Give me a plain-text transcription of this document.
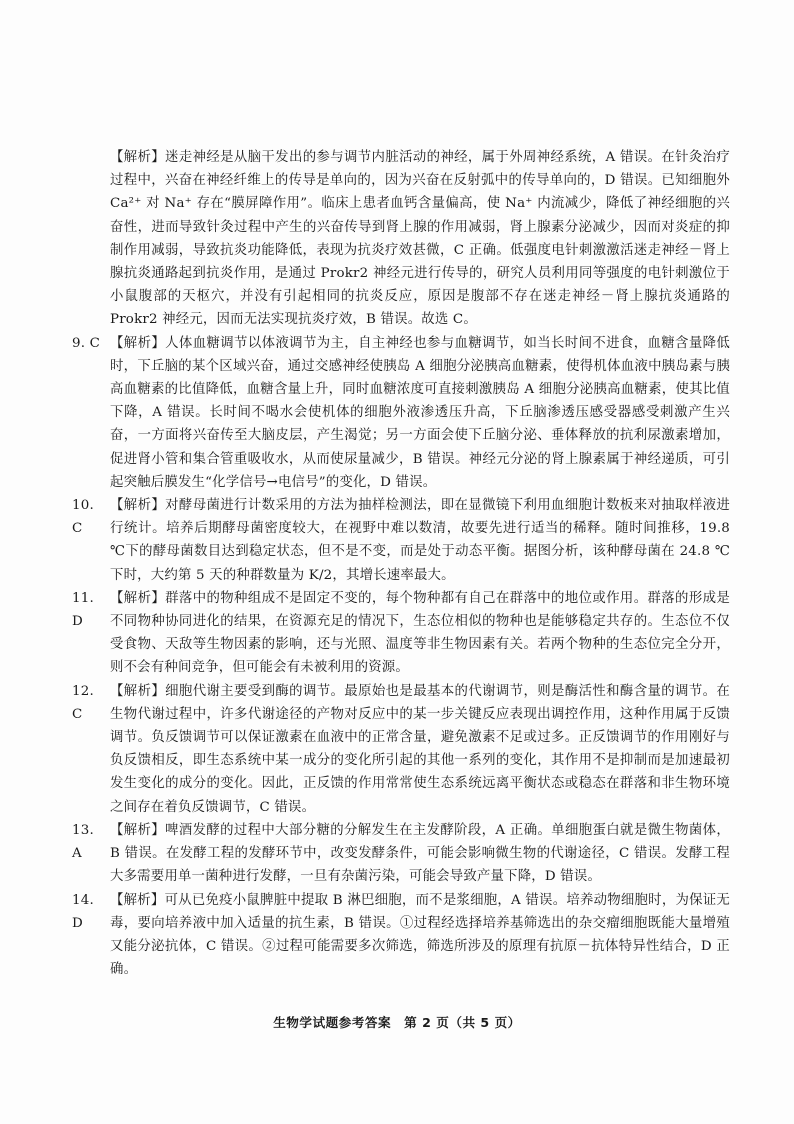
【解析】迷走神经是从脑干发出的参与调节内脏活动的神经，属于外周神经系统，A 错误。在针灸治疗过程中，兴奋在神经纤维上的传导是单向的，因为兴奋在反射弧中的传导单向的，D 错误。已知细胞外 Ca²⁺ 对 Na⁺ 存在“膜屏障作用”。临床上患者血钙含量偏高，使 Na⁺ 内流减少，降低了神经细胞的兴奋性，进而导致针灸过程中产生的兴奋传导到肾上腺的作用减弱，肾上腺素分泌减少，因而对炎症的抑制作用减弱，导致抗炎功能降低，表现为抗炎疗效甚微，C 正确。低强度电针刺激激活迷走神经－肾上腺抗炎通路起到抗炎作用，是通过 Prokr2 神经元进行传导的，研究人员利用同等强度的电针刺激位于小鼠腹部的天枢穴，并没有引起相同的抗炎反应，原因是腹部不存在迷走神经－肾上腺抗炎通路的 Prokr2 神经元，因而无法实现抗炎疗效，B 错误。故选 C。

9. C 【解析】人体血糖调节以体液调节为主，自主神经也参与血糖调节，如当长时间不进食，血糖含量降低时，下丘脑的某个区域兴奋，通过交感神经使胰岛 A 细胞分泌胰高血糖素，使得机体血液中胰岛素与胰高血糖素的比值降低，血糖含量上升，同时血糖浓度可直接刺激胰岛 A 细胞分泌胰高血糖素，使其比值下降，A 错误。长时间不喝水会使机体的细胞外液渗透压升高，下丘脑渗透压感受器感受刺激产生兴奋，一方面将兴奋传至大脑皮层，产生渴觉；另一方面会使下丘脑分泌、垂体释放的抗利尿激素增加，促进肾小管和集合管重吸收水，从而使尿量减少，B 错误。神经元分泌的肾上腺素属于神经递质，可引起突触后膜发生“化学信号→电信号”的变化，D 错误。

10. C

【解析】对酵母菌进行计数采用的方法为抽样检测法，即在显微镜下利用血细胞计数板来对抽取样液进行统计。培养后期酵母菌密度较大，在视野中难以数清，故要先进行适当的稀释。随时间推移，19.8 ℃下的酵母菌数目达到稳定状态，但不是不变，而是处于动态平衡。据图分析，该种酵母菌在 24.8 ℃下时，大约第 5 天的种群数量为 K/2，其增长速率最大。

11. D

【解析】群落中的物种组成不是固定不变的，每个物种都有自己在群落中的地位或作用。群落的形成是不同物种协同进化的结果，在资源充足的情况下，生态位相似的物种也是能够稳定共存的。生态位不仅受食物、天敌等生物因素的影响，还与光照、温度等非生物因素有关。若两个物种的生态位完全分开，则不会有种间竞争，但可能会有未被利用的资源。

12. C

【解析】细胞代谢主要受到酶的调节。最原始也是最基本的代谢调节，则是酶活性和酶含量的调节。在生物代谢过程中，许多代谢途径的产物对反应中的某一步关键反应表现出调控作用，这种作用属于反馈调节。负反馈调节可以保证激素在血液中的正常含量，避免激素不足或过多。正反馈调节的作用刚好与负反馈相反，即生态系统中某一成分的变化所引起的其他一系列的变化，其作用不是抑制而是加速最初发生变化的成分的变化。因此，正反馈的作用常常使生态系统远离平衡状态或稳态在群落和非生物环境之间存在着负反馈调节，C 错误。

13. A

【解析】啤酒发酵的过程中大部分糖的分解发生在主发酵阶段，A 正确。单细胞蛋白就是微生物菌体，B 错误。在发酵工程的发酵环节中，改变发酵条件，可能会影响微生物的代谢途径，C 错误。发酵工程大多需要用单一菌种进行发酵，一旦有杂菌污染，可能会导致产量下降，D 错误。

14. D

【解析】可从已免疫小鼠脾脏中提取 B 淋巴细胞，而不是浆细胞，A 错误。培养动物细胞时，为保证无毒，要向培养液中加入适量的抗生素，B 错误。①过程经选择培养基筛选出的杂交瘤细胞既能大量增殖又能分泌抗体，C 错误。②过程可能需要多次筛选，筛选所涉及的原理有抗原－抗体特异性结合，D 正确。

生物学试题参考答案　第 2 页（共 5 页）
